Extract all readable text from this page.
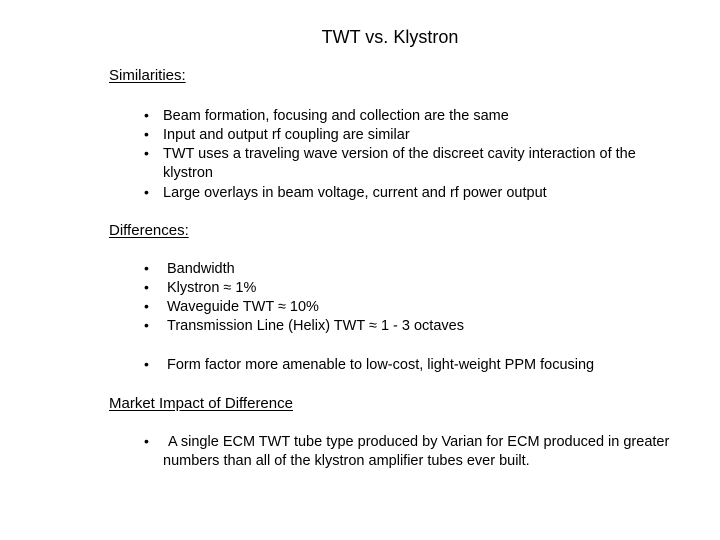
TWT vs. Klystron
Similarities:
• Beam formation, focusing and collection are the same
• Input and output rf coupling are similar
• TWT uses a traveling wave version of the discreet cavity interaction of the klystron
• Large overlays in beam voltage, current and rf power output
Differences:
• Bandwidth
• Klystron ≈ 1%
• Waveguide TWT ≈ 10%
• Transmission Line (Helix) TWT ≈ 1 - 3 octaves
• Form factor more amenable to low-cost, light-weight PPM focusing
Market Impact of Difference
•	A single ECM TWT tube type produced by Varian for ECM produced in greater numbers than all of the klystron amplifier tubes ever built.
